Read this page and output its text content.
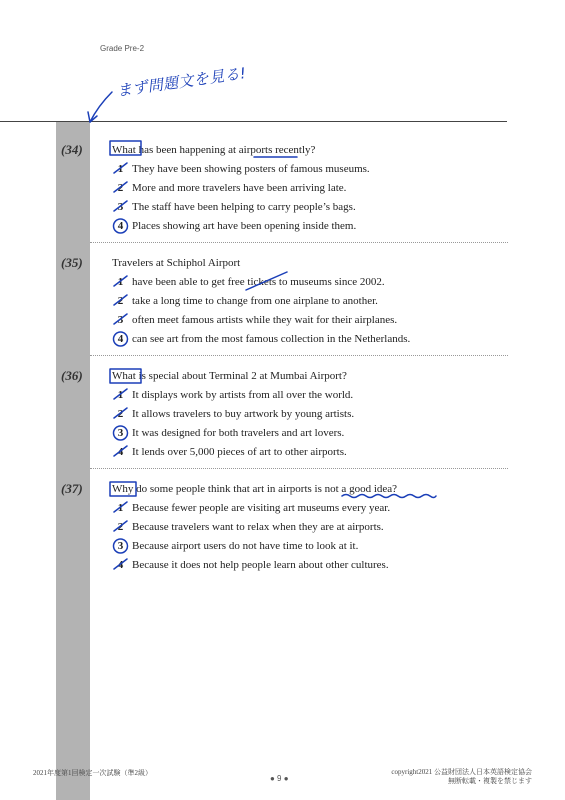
Grade Pre-2
まず問題文を見る!
(34)	What has been happening at airports recently?
1 They have been showing posters of famous museums.
2 More and more travelers have been arriving late.
3 The staff have been helping to carry people’s bags.
4 Places showing art have been opening inside them.
(35)	Travelers at Schiphol Airport
1 have been able to get free tickets to museums since 2002.
2 take a long time to change from one airplane to another.
3 often meet famous artists while they wait for their airplanes.
4 can see art from the most famous collection in the Netherlands.
(36)	What is special about Terminal 2 at Mumbai Airport?
1 It displays work by artists from all over the world.
2 It allows travelers to buy artwork by young artists.
3 It was designed for both travelers and art lovers.
4 It lends over 5,000 pieces of art to other airports.
(37)	Why do some people think that art in airports is not a good idea?
1 Because fewer people are visiting art museums every year.
2 Because travelers want to relax when they are at airports.
3 Because airport users do not have time to look at it.
4 Because it does not help people learn about other cultures.
2021年度第1回検定一次試験（準2級）
● 9 ●
copyright2021 公益財団法人日本英語検定協会
無断転載・複製を禁じます
